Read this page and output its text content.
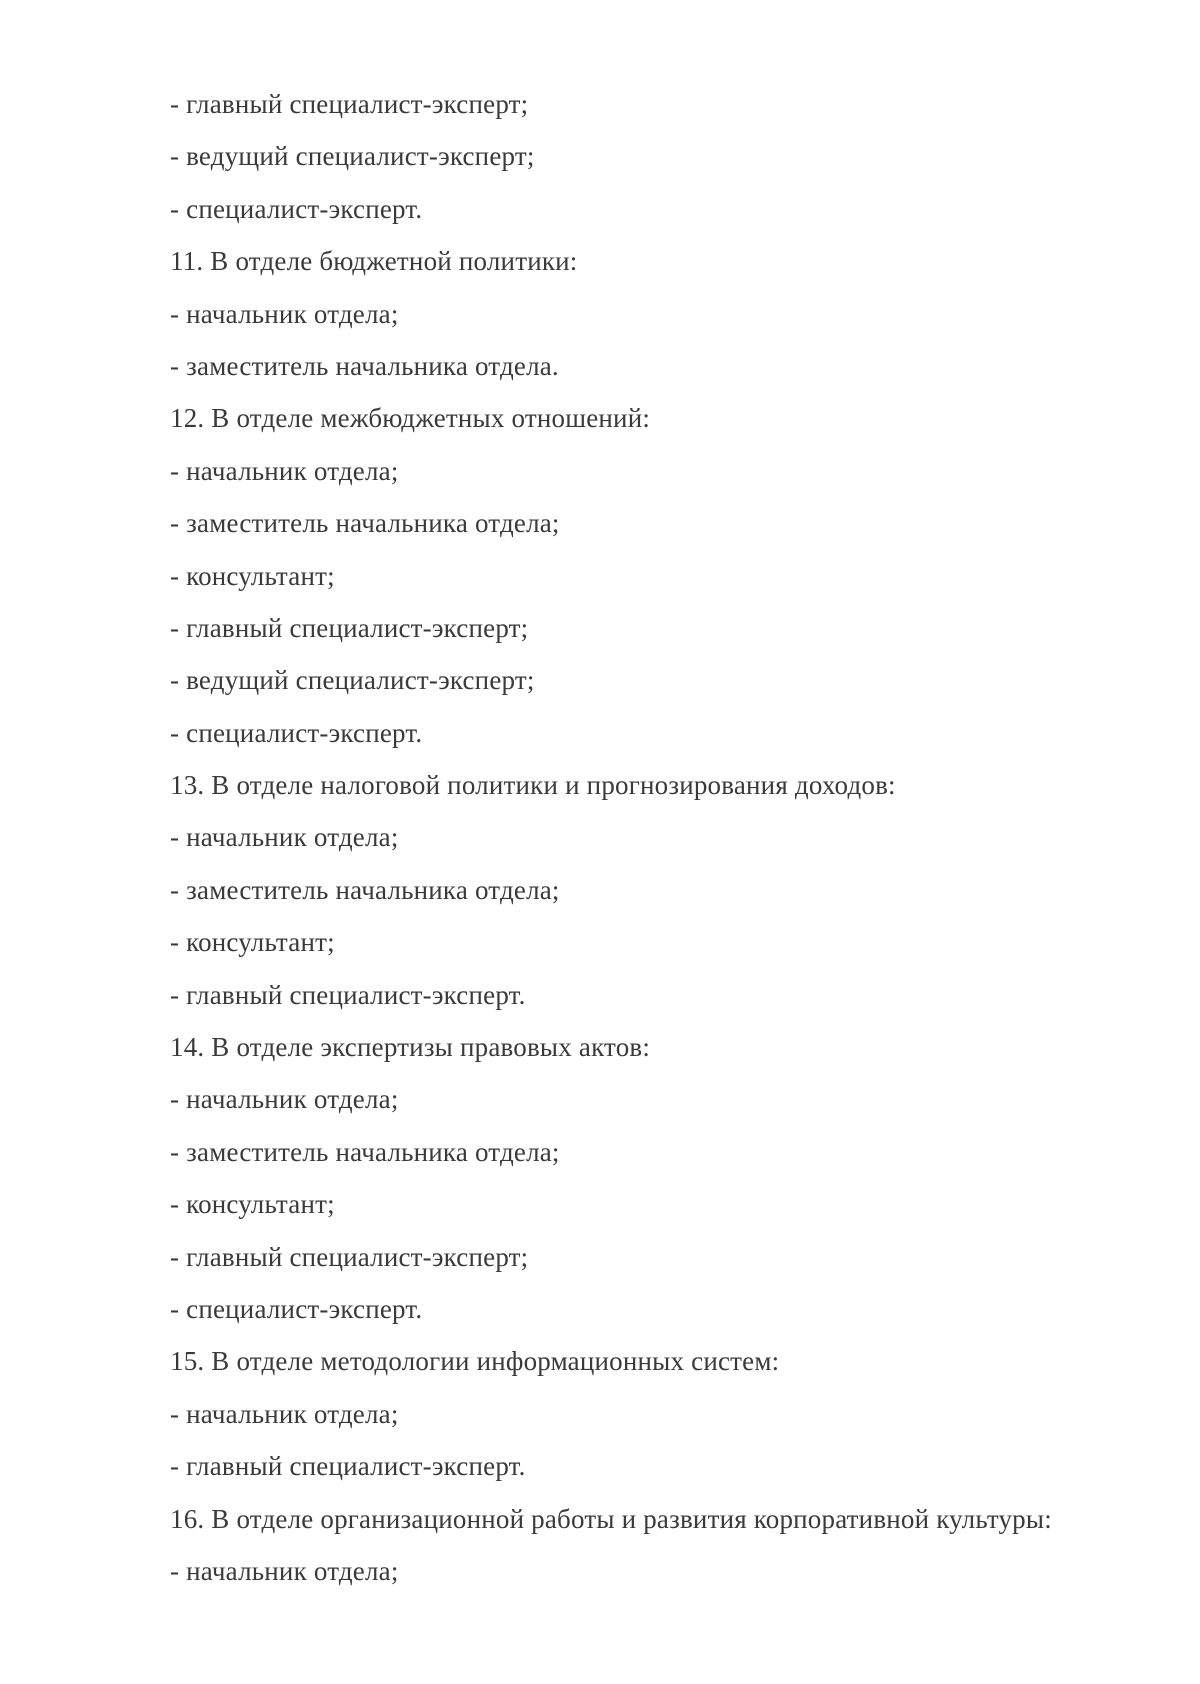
- главный специалист-эксперт;
- ведущий специалист-эксперт;
- специалист-эксперт.
11. В отделе бюджетной политики:
- начальник отдела;
- заместитель начальника отдела.
12. В отделе межбюджетных отношений:
- начальник отдела;
- заместитель начальника отдела;
- консультант;
- главный специалист-эксперт;
- ведущий специалист-эксперт;
- специалист-эксперт.
13. В отделе налоговой политики и прогнозирования доходов:
- начальник отдела;
- заместитель начальника отдела;
- консультант;
- главный специалист-эксперт.
14. В отделе экспертизы правовых актов:
- начальник отдела;
- заместитель начальника отдела;
- консультант;
- главный специалист-эксперт;
- специалист-эксперт.
15. В отделе методологии информационных систем:
- начальник отдела;
- главный специалист-эксперт.
16. В отделе организационной работы и развития корпоративной культуры:
- начальник отдела;
